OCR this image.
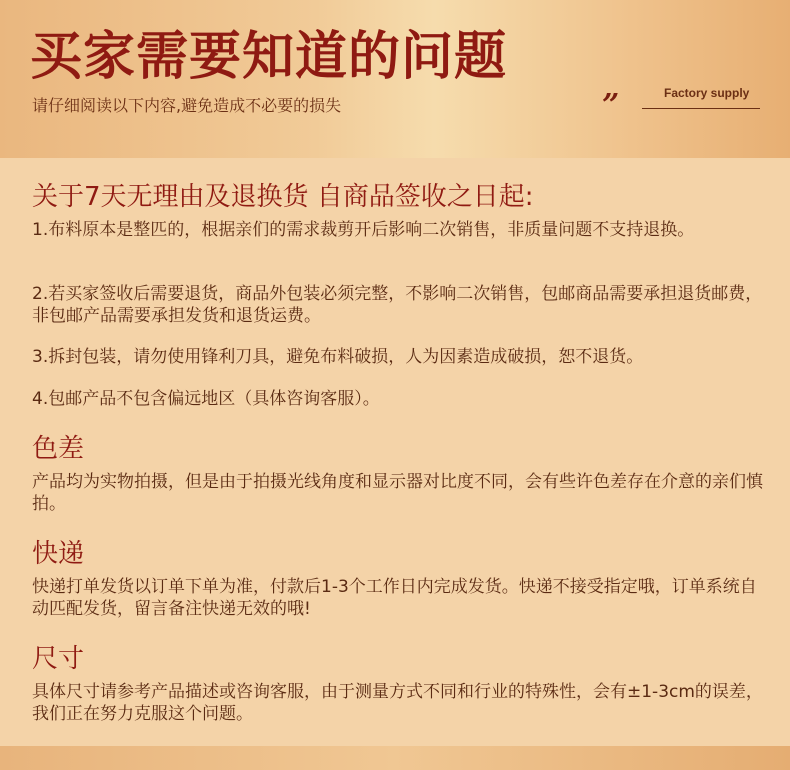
买家需要知道的问题
请仔细阅读以下内容,避免造成不必要的损失	”	Factory supply
关于7天无理由及退换货 自商品签收之日起:
1.布料原本是整匹的，根据亲们的需求裁剪开后影响二次销售，非质量问题不支持退换。
2.若买家签收后需要退货，商品外包装必须完整，不影响二次销售，包邮商品需要承担退货邮费，非包邮产品需要承担发货和退货运费。
3.拆封包装，请勿使用锋利刀具，避免布料破损，人为因素造成破损，恕不退货。
4.包邮产品不包含偏远地区（具体咨询客服）。
色差
产品均为实物拍摄，但是由于拍摄光线角度和显示器对比度不同，会有些许色差存在介意的亲们慎拍。
快递
快递打单发货以订单下单为准，付款后1-3个工作日内完成发货。快递不接受指定哦，订单系统自动匹配发货，留言备注快递无效的哦!
尺寸
具体尺寸请参考产品描述或咨询客服，由于测量方式不同和行业的特殊性，会有±1-3cm的误差，我们正在努力克服这个问题。
